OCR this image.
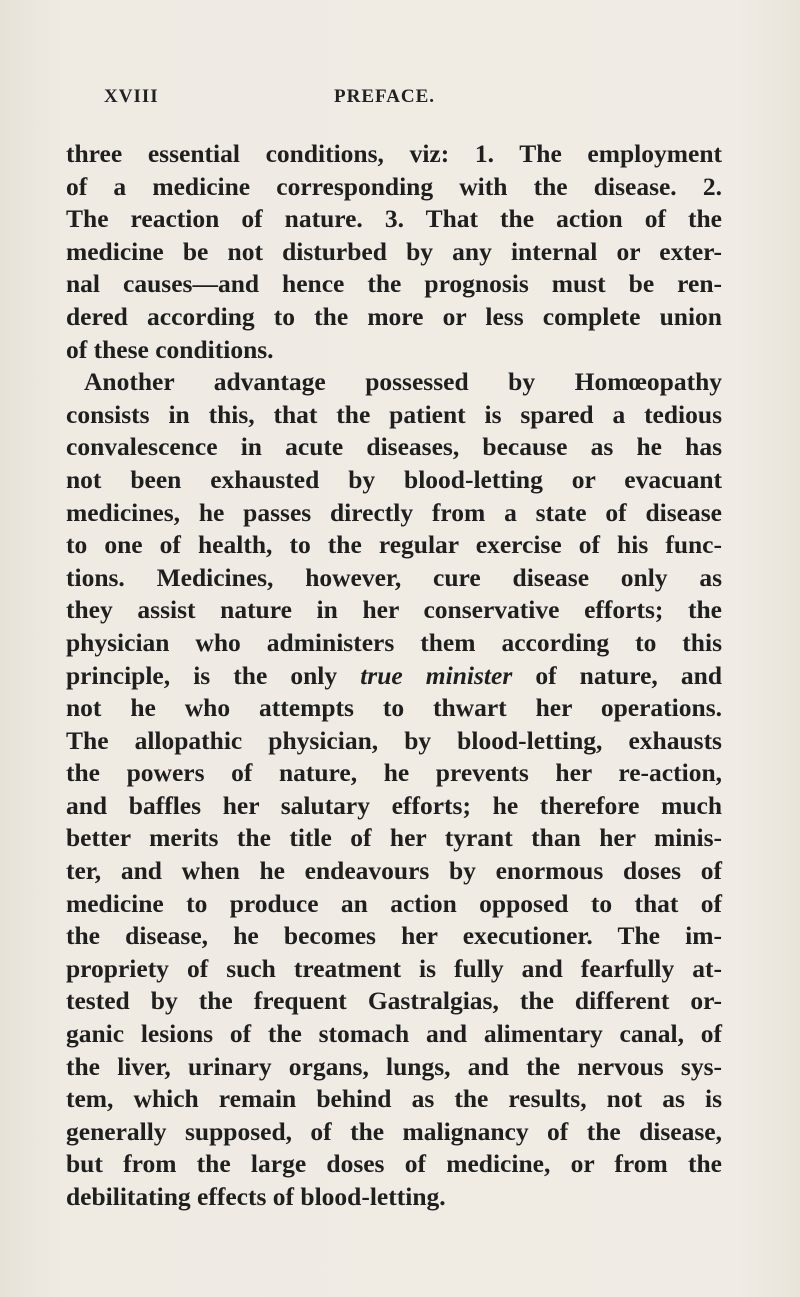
XVIII	PREFACE.
three essential conditions, viz: 1. The employment
of a medicine corresponding with the disease. 2.
The reaction of nature. 3. That the action of the
medicine be not disturbed by any internal or exter-
nal causes—and hence the prognosis must be ren-
dered according to the more or less complete union
of these conditions.
Another advantage possessed by Homœopathy
consists in this, that the patient is spared a tedious
convalescence in acute diseases, because as he has
not been exhausted by blood-letting or evacuant
medicines, he passes directly from a state of disease
to one of health, to the regular exercise of his func-
tions. Medicines, however, cure disease only as
they assist nature in her conservative efforts; the
physician who administers them according to this
principle, is the only true minister of nature, and
not he who attempts to thwart her operations.
The allopathic physician, by blood-letting, exhausts
the powers of nature, he prevents her re-action,
and baffles her salutary efforts; he therefore much
better merits the title of her tyrant than her minis-
ter, and when he endeavours by enormous doses of
medicine to produce an action opposed to that of
the disease, he becomes her executioner. The im-
propriety of such treatment is fully and fearfully at-
tested by the frequent Gastralgias, the different or-
ganic lesions of the stomach and alimentary canal, of
the liver, urinary organs, lungs, and the nervous sys-
tem, which remain behind as the results, not as is
generally supposed, of the malignancy of the disease,
but from the large doses of medicine, or from the
debilitating effects of blood-letting.
